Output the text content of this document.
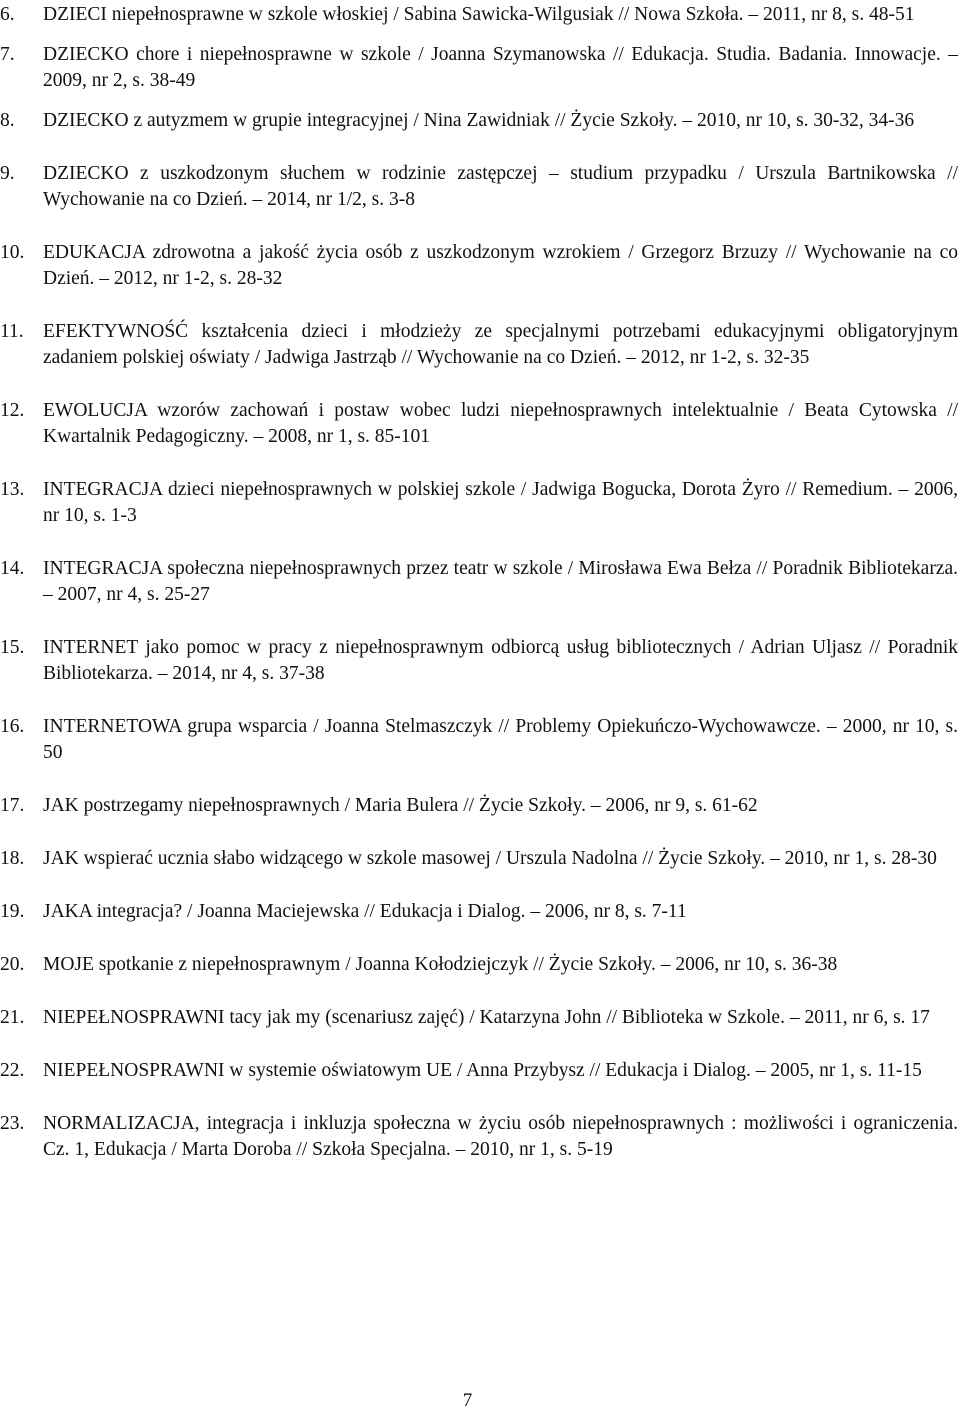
6. DZIECI niepełnosprawne w szkole włoskiej / Sabina Sawicka-Wilgusiak // Nowa Szkoła. – 2011, nr 8, s. 48-51
7. DZIECKO chore i niepełnosprawne w szkole / Joanna Szymanowska // Edukacja. Studia. Badania. Innowacje. – 2009, nr 2, s. 38-49
8. DZIECKO z autyzmem w grupie integracyjnej / Nina Zawidniak // Życie Szkoły. – 2010, nr 10, s. 30-32, 34-36
9. DZIECKO z uszkodzonym słuchem w rodzinie zastępczej – studium przypadku / Urszula Bartnikowska // Wychowanie na co Dzień. – 2014, nr 1/2, s. 3-8
10. EDUKACJA zdrowotna a jakość życia osób z uszkodzonym wzrokiem / Grzegorz Brzuzy // Wychowanie na co Dzień. – 2012, nr 1-2, s. 28-32
11. EFEKTYWNOŚĆ kształcenia dzieci i młodzieży ze specjalnymi potrzebami edukacyjnymi obligatoryjnym zadaniem polskiej oświaty / Jadwiga Jastrząb // Wychowanie na co Dzień. – 2012, nr 1-2, s. 32-35
12. EWOLUCJA wzorów zachowań i postaw wobec ludzi niepełnosprawnych intelektualnie / Beata Cytowska // Kwartalnik Pedagogiczny. – 2008, nr 1, s. 85-101
13. INTEGRACJA dzieci niepełnosprawnych w polskiej szkole / Jadwiga Bogucka, Dorota Żyro // Remedium. – 2006, nr 10, s. 1-3
14. INTEGRACJA społeczna niepełnosprawnych przez teatr w szkole / Mirosława Ewa Bełza // Poradnik Bibliotekarza. – 2007, nr 4, s. 25-27
15. INTERNET jako pomoc w pracy z niepełnosprawnym odbiorcą usług bibliotecznych / Adrian Uljasz // Poradnik Bibliotekarza. – 2014, nr 4, s. 37-38
16. INTERNETOWA grupa wsparcia / Joanna Stelmaszczyk // Problemy Opiekuńczo-Wychowawcze. – 2000, nr 10, s. 50
17. JAK postrzegamy niepełnosprawnych / Maria Bulera // Życie Szkoły. – 2006, nr 9, s. 61-62
18. JAK wspierać ucznia słabo widzącego w szkole masowej / Urszula Nadolna // Życie Szkoły. – 2010, nr 1, s. 28-30
19. JAKA integracja? / Joanna Maciejewska // Edukacja i Dialog. – 2006, nr 8, s. 7-11
20. MOJE spotkanie z niepełnosprawnym / Joanna Kołodziejczyk // Życie Szkoły. – 2006, nr 10, s. 36-38
21. NIEPEŁNOSPRAWNI tacy jak my (scenariusz zajęć) / Katarzyna John // Biblioteka w Szkole. – 2011, nr 6, s. 17
22. NIEPEŁNOSPRAWNI w systemie oświatowym UE / Anna Przybysz // Edukacja i Dialog. – 2005, nr 1, s. 11-15
23. NORMALIZACJA, integracja i inkluzja społeczna w życiu osób niepełnosprawnych : możliwości i ograniczenia. Cz. 1, Edukacja / Marta Doroba // Szkoła Specjalna. – 2010, nr 1, s. 5-19
7
